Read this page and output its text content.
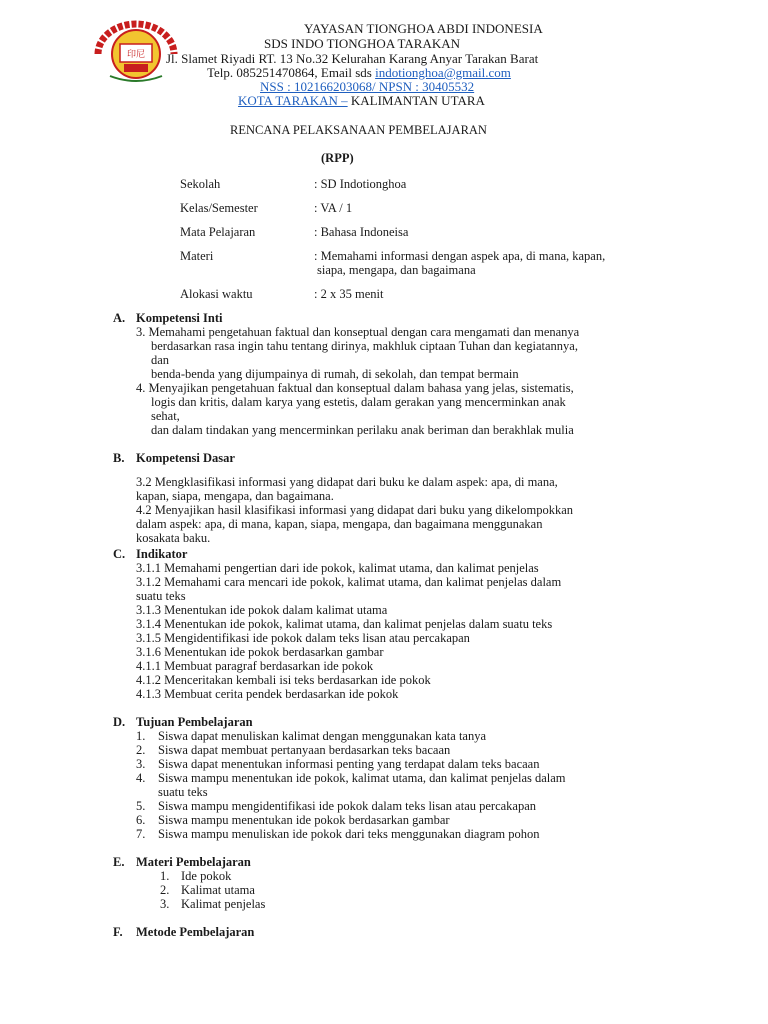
印尼
YAYASAN TIONGHOA ABDI INDONESIA
SDS INDO TIONGHOA TARAKAN
Jl. Slamet Riyadi RT. 13 No.32 Kelurahan Karang Anyar Tarakan Barat
Telp. 085251470864, Email sds indotionghoa@gmail.com
NSS : 102166203068/ NPSN : 30405532
KOTA TARAKAN – KALIMANTAN UTARA
RENCANA PELAKSANAAN PEMBELAJARAN
(RPP)
Sekolah	: SD Indotionghoa
Kelas/Semester	: VA / 1
Mata Pelajaran	: Bahasa Indoneisa
Materi	: Memahami informasi dengan aspek apa, di mana, kapan,
siapa, mengapa, dan bagaimana
Alokasi waktu	: 2 x 35 menit
A. Kompetensi Inti
3. Memahami pengetahuan faktual dan konseptual dengan cara mengamati dan menanya
berdasarkan rasa ingin tahu tentang dirinya, makhluk ciptaan Tuhan dan kegiatannya,
dan
benda-benda yang dijumpainya di rumah, di sekolah, dan tempat bermain
4. Menyajikan pengetahuan faktual dan konseptual dalam bahasa yang jelas, sistematis,
logis dan kritis, dalam karya yang estetis, dalam gerakan yang mencerminkan anak
sehat,
dan dalam tindakan yang mencerminkan perilaku anak beriman dan berakhlak mulia
B. Kompetensi Dasar
3.2 Mengklasifikasi informasi yang didapat dari buku ke dalam aspek: apa, di mana,
kapan, siapa, mengapa, dan bagaimana.
4.2 Menyajikan hasil klasifikasi informasi yang didapat dari buku yang dikelompokkan
dalam aspek: apa, di mana, kapan, siapa, mengapa, dan bagaimana menggunakan
kosakata baku.
C. Indikator
3.1.1 Memahami pengertian dari ide pokok, kalimat utama, dan kalimat penjelas
3.1.2 Memahami cara mencari ide pokok, kalimat utama, dan kalimat penjelas dalam
suatu teks
3.1.3 Menentukan ide pokok dalam kalimat utama
3.1.4 Menentukan ide pokok, kalimat utama, dan kalimat penjelas dalam suatu teks
3.1.5 Mengidentifikasi ide pokok dalam teks lisan atau percakapan
3.1.6 Menentukan ide pokok berdasarkan gambar
4.1.1 Membuat paragraf berdasarkan ide pokok
4.1.2 Menceritakan kembali isi teks berdasarkan ide pokok
4.1.3 Membuat cerita pendek berdasarkan ide pokok
D. Tujuan Pembelajaran
1. Siswa dapat menuliskan kalimat dengan menggunakan kata tanya
2. Siswa dapat membuat pertanyaan berdasarkan teks bacaan
3. Siswa dapat menentukan informasi penting yang terdapat dalam teks bacaan
4. Siswa mampu menentukan ide pokok, kalimat utama, dan kalimat penjelas dalam
suatu teks
5. Siswa mampu mengidentifikasi ide pokok dalam teks lisan atau percakapan
6. Siswa mampu menentukan ide pokok berdasarkan gambar
7. Siswa mampu menuliskan ide pokok dari teks menggunakan diagram pohon
E. Materi Pembelajaran
1. Ide pokok
2. Kalimat utama
3. Kalimat penjelas
F. Metode Pembelajaran
